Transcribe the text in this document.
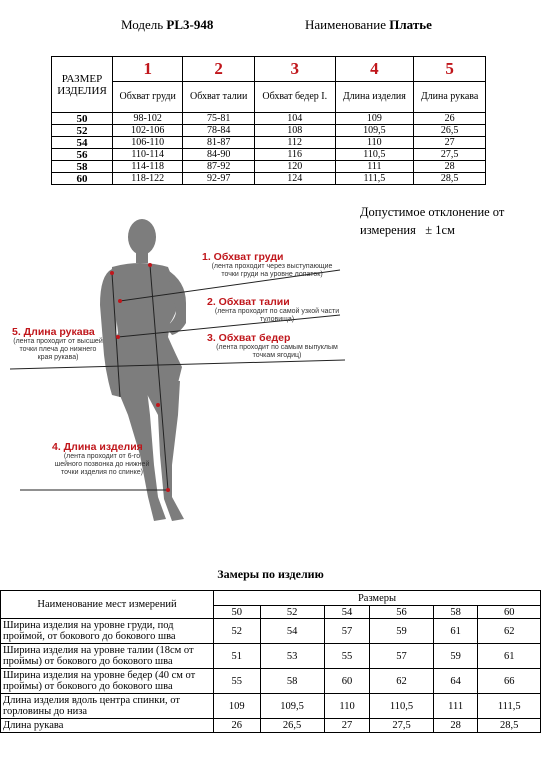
Модель PL3-948	Наименование Платье
РАЗМЕР ИЗДЕЛИЯ	1	2	3	4	5
	Обхват груди	Обхват талии	Обхват бедер I.	Длина изделия	Длина рукава
50	98-102	75-81	104	109	26
52	102-106	78-84	108	109,5	26,5
54	106-110	81-87	112	110	27
56	110-114	84-90	116	110,5	27,5
58	114-118	87-92	120	111	28
60	118-122	92-97	124	111,5	28,5
Допустимое отклонение от
измерения ± 1см
1. Обхват груди
(лента проходит через выступающие точки груди на уровне лопаток)
2. Обхват талии
(лента проходит по самой узкой части туловища)
3. Обхват бедер
(лента проходит по самым выпуклым точкам ягодиц)
5. Длина рукава
(лента проходит от высшей точки плеча до нижнего края рукава)
4. Длина изделия
(лента проходит от 6-го шейного позвонка до нижней точки изделия по спинке)
Замеры по изделию
Наименование мест измерений	Размеры					
	50	52	54	56	58	60
Ширина изделия на уровне груди, под проймой, от бокового до бокового шва	52	54	57	59	61	62
Ширина изделия на уровне талии (18см от проймы) от бокового до бокового шва	51	53	55	57	59	61
Ширина изделия на уровне бедер (40 см от проймы) от бокового до бокового шва	55	58	60	62	64	66
Длина изделия вдоль центра спинки, от горловины до низа	109	109,5	110	110,5	111	111,5
Длина рукава	26	26,5	27	27,5	28	28,5
